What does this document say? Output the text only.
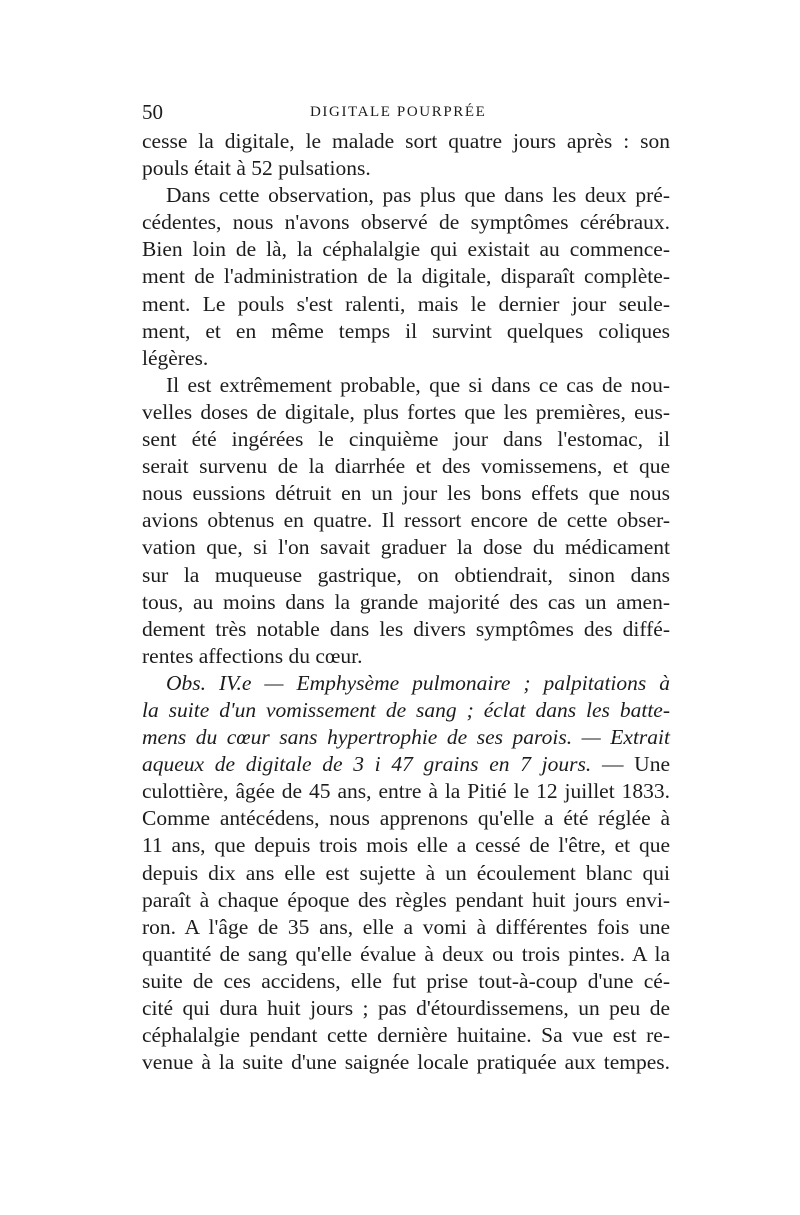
50	DIGITALE POURPRÉE
cesse la digitale, le malade sort quatre jours après : son
pouls était à 52 pulsations.
Dans cette observation, pas plus que dans les deux pré-
cédentes, nous n'avons observé de symptômes cérébraux.
Bien loin de là, la céphalalgie qui existait au commence-
ment de l'administration de la digitale, disparaît complète-
ment. Le pouls s'est ralenti, mais le dernier jour seule-
ment, et en même temps il survint quelques coliques
légères.
Il est extrêmement probable, que si dans ce cas de nou-
velles doses de digitale, plus fortes que les premières, eus-
sent été ingérées le cinquième jour dans l'estomac, il
serait survenu de la diarrhée et des vomissemens, et que
nous eussions détruit en un jour les bons effets que nous
avions obtenus en quatre. Il ressort encore de cette obser-
vation que, si l'on savait graduer la dose du médicament
sur la muqueuse gastrique, on obtiendrait, sinon dans
tous, au moins dans la grande majorité des cas un amen-
dement très notable dans les divers symptômes des diffé-
rentes affections du cœur.
Obs. IV.e — Emphysème pulmonaire ; palpitations à
la suite d'un vomissement de sang ; éclat dans les batte-
mens du cœur sans hypertrophie de ses parois. — Extrait
aqueux de digitale de 3 i 47 grains en 7 jours. — Une
culottière, âgée de 45 ans, entre à la Pitié le 12 juillet 1833.
Comme antécédens, nous apprenons qu'elle a été réglée à
11 ans, que depuis trois mois elle a cessé de l'être, et que
depuis dix ans elle est sujette à un écoulement blanc qui
paraît à chaque époque des règles pendant huit jours envi-
ron. A l'âge de 35 ans, elle a vomi à différentes fois une
quantité de sang qu'elle évalue à deux ou trois pintes. A la
suite de ces accidens, elle fut prise tout-à-coup d'une cé-
cité qui dura huit jours ; pas d'étourdissemens, un peu de
céphalalgie pendant cette dernière huitaine. Sa vue est re-
venue à la suite d'une saignée locale pratiquée aux tempes.
